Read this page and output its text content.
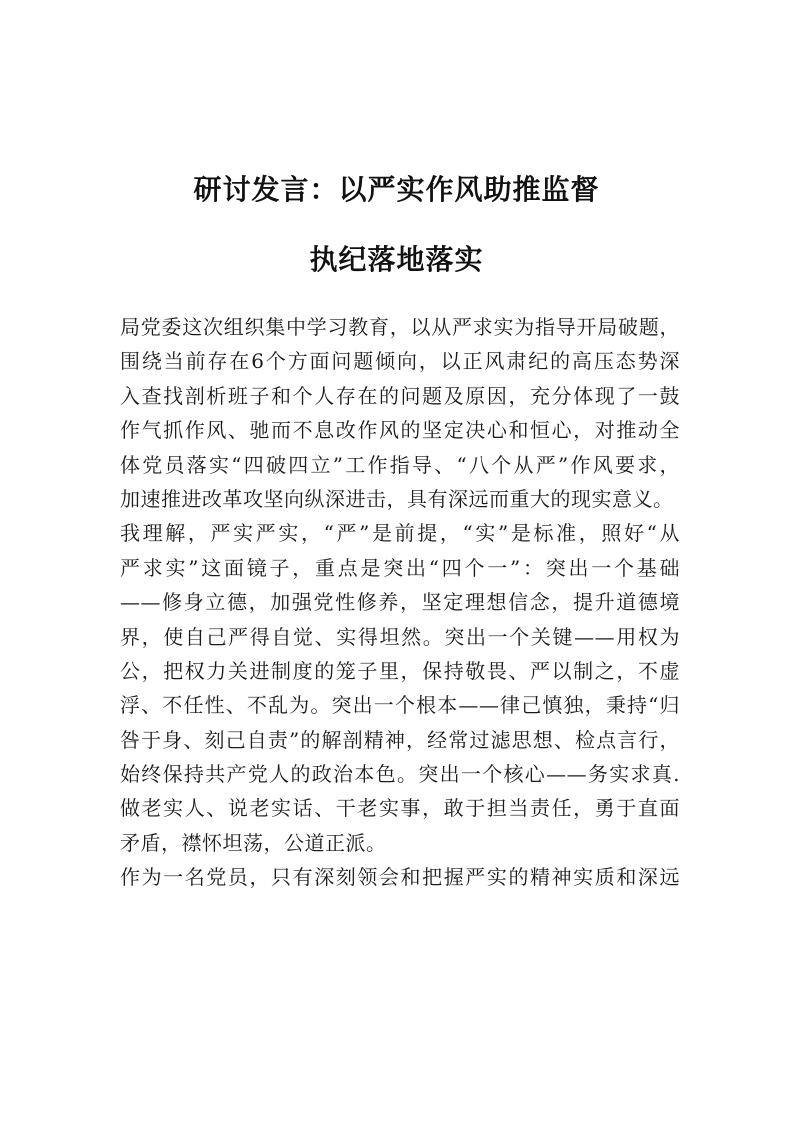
研讨发言：以严实作风助推监督
执纪落地落实
局党委这次组织集中学习教育，以从严求实为指导开局破题，
围绕当前存在6个方面问题倾向，以正风肃纪的高压态势深
入查找剖析班子和个人存在的问题及原因，充分体现了一鼓
作气抓作风、驰而不息改作风的坚定决心和恒心，对推动全
体党员落实“四破四立”工作指导、“八个从严”作风要求，
加速推进改革攻坚向纵深进击，具有深远而重大的现实意义。
我理解，严实严实，“严”是前提，“实”是标准，照好“从
严求实”这面镜子，重点是突出“四个一”：突出一个基础
——修身立德，加强党性修养，坚定理想信念，提升道德境
界，使自己严得自觉、实得坦然。突出一个关键——用权为
公，把权力关进制度的笼子里，保持敬畏、严以制之，不虚
浮、不任性、不乱为。突出一个根本——律己慎独，秉持“归
咎于身、刻己自责”的解剖精神，经常过滤思想、检点言行，
始终保持共产党人的政治本色。突出一个核心——务实求真.
做老实人、说老实话、干老实事，敢于担当责任，勇于直面
矛盾，襟怀坦荡，公道正派。
作为一名党员，只有深刻领会和把握严实的精神实质和深远
